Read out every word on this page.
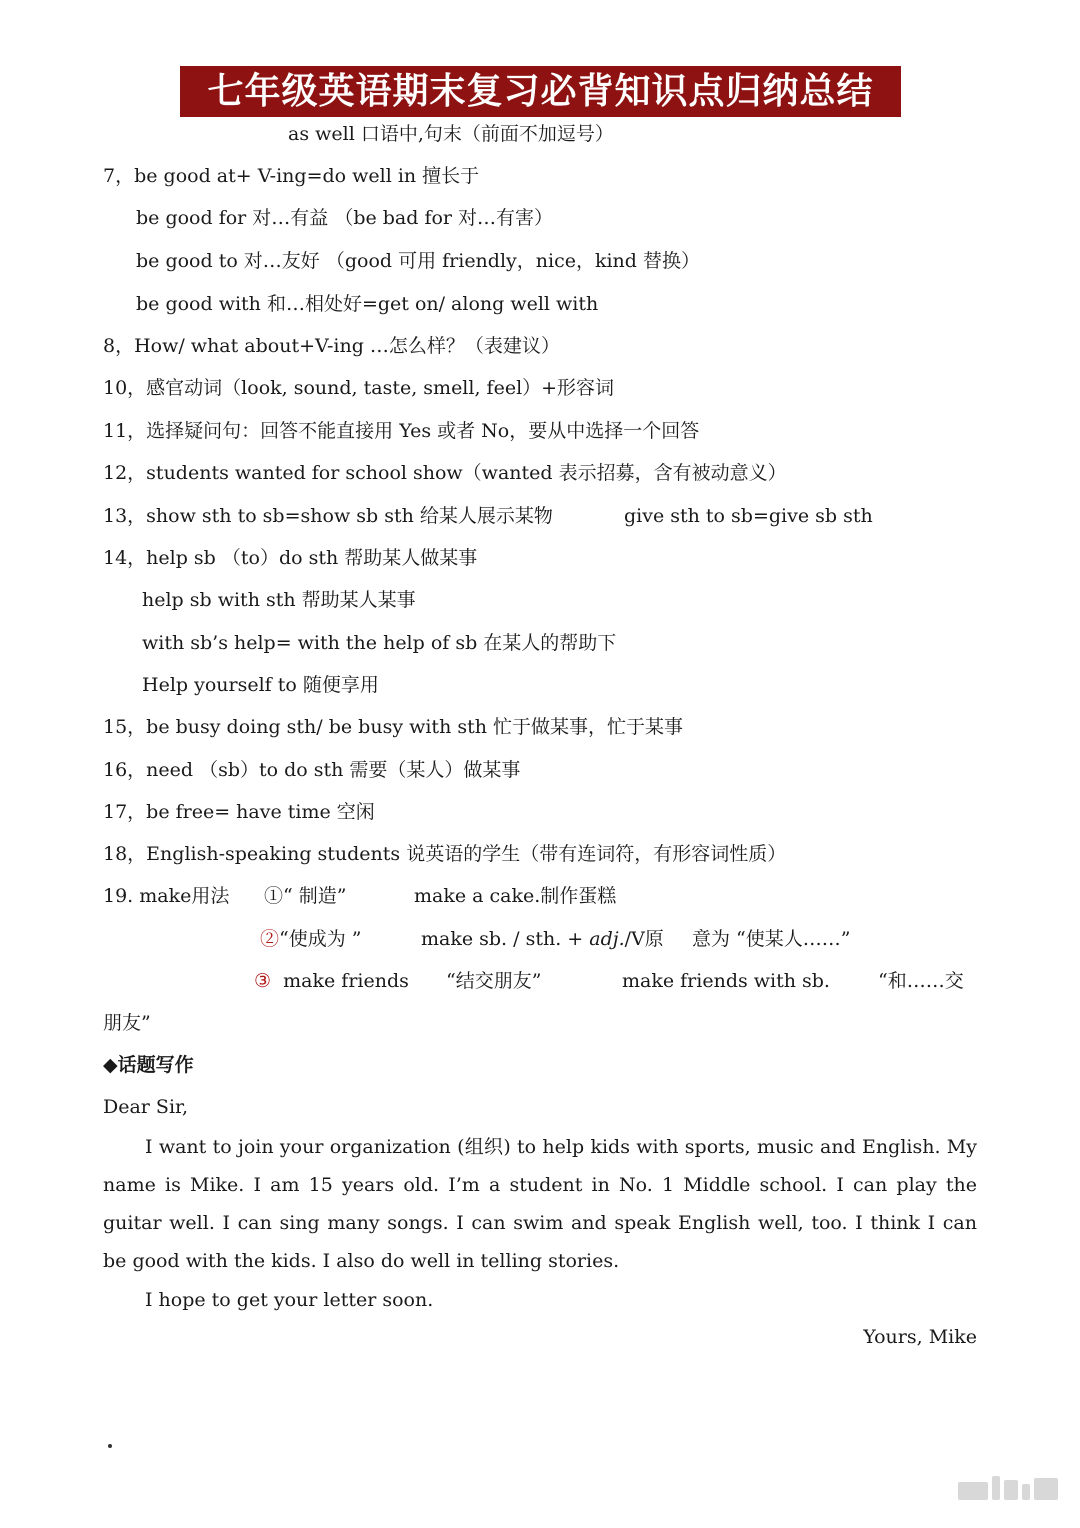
七年级英语期末复习必背知识点归纳总结
as well 口语中,句末（前面不加逗号）
7，be good at+ V-ing=do well in 擅长于
be good for 对…有益 （be bad for 对…有害）
be good to 对…友好 （good 可用 friendly，nice，kind 替换）
be good with 和…相处好=get on/ along well with
8，How/ what about+V-ing …怎么样？（表建议）
10，感官动词（look, sound, taste, smell, feel）+形容词
11，选择疑问句：回答不能直接用 Yes 或者 No，要从中选择一个回答
12，students wanted for school show（wanted 表示招募，含有被动意义）
13，show sth to sb=show sb sth 给某人展示某物	give sth to sb=give sb sth
14，help sb （to）do sth 帮助某人做某事
help sb with sth 帮助某人某事
with sb’s help= with the help of sb 在某人的帮助下
Help yourself to 随便享用
15，be busy doing sth/ be busy with sth 忙于做某事，忙于某事
16，need （sb）to do sth 需要（某人）做某事
17，be free= have time 空闲
18，English-speaking students 说英语的学生（带有连词符，有形容词性质）
19. make用法 ①“ 制造”	make a cake.制作蛋糕
②“使成为 ”	make sb. / sth. + adj./V原 意为 “使某人……”
③ make friends “结交朋友”	make friends with sb.	“和……交
朋友”
◆话题写作
Dear Sir,
I want to join your organization (组织) to help kids with sports, music and English. My name is Mike. I am 15 years old. I’m a student in No. 1 Middle school. I can play the guitar well. I can sing many songs. I can swim and speak English well, too. I think I can be good with the kids. I also do well in telling stories.
I hope to get your letter soon.
Yours, Mike
